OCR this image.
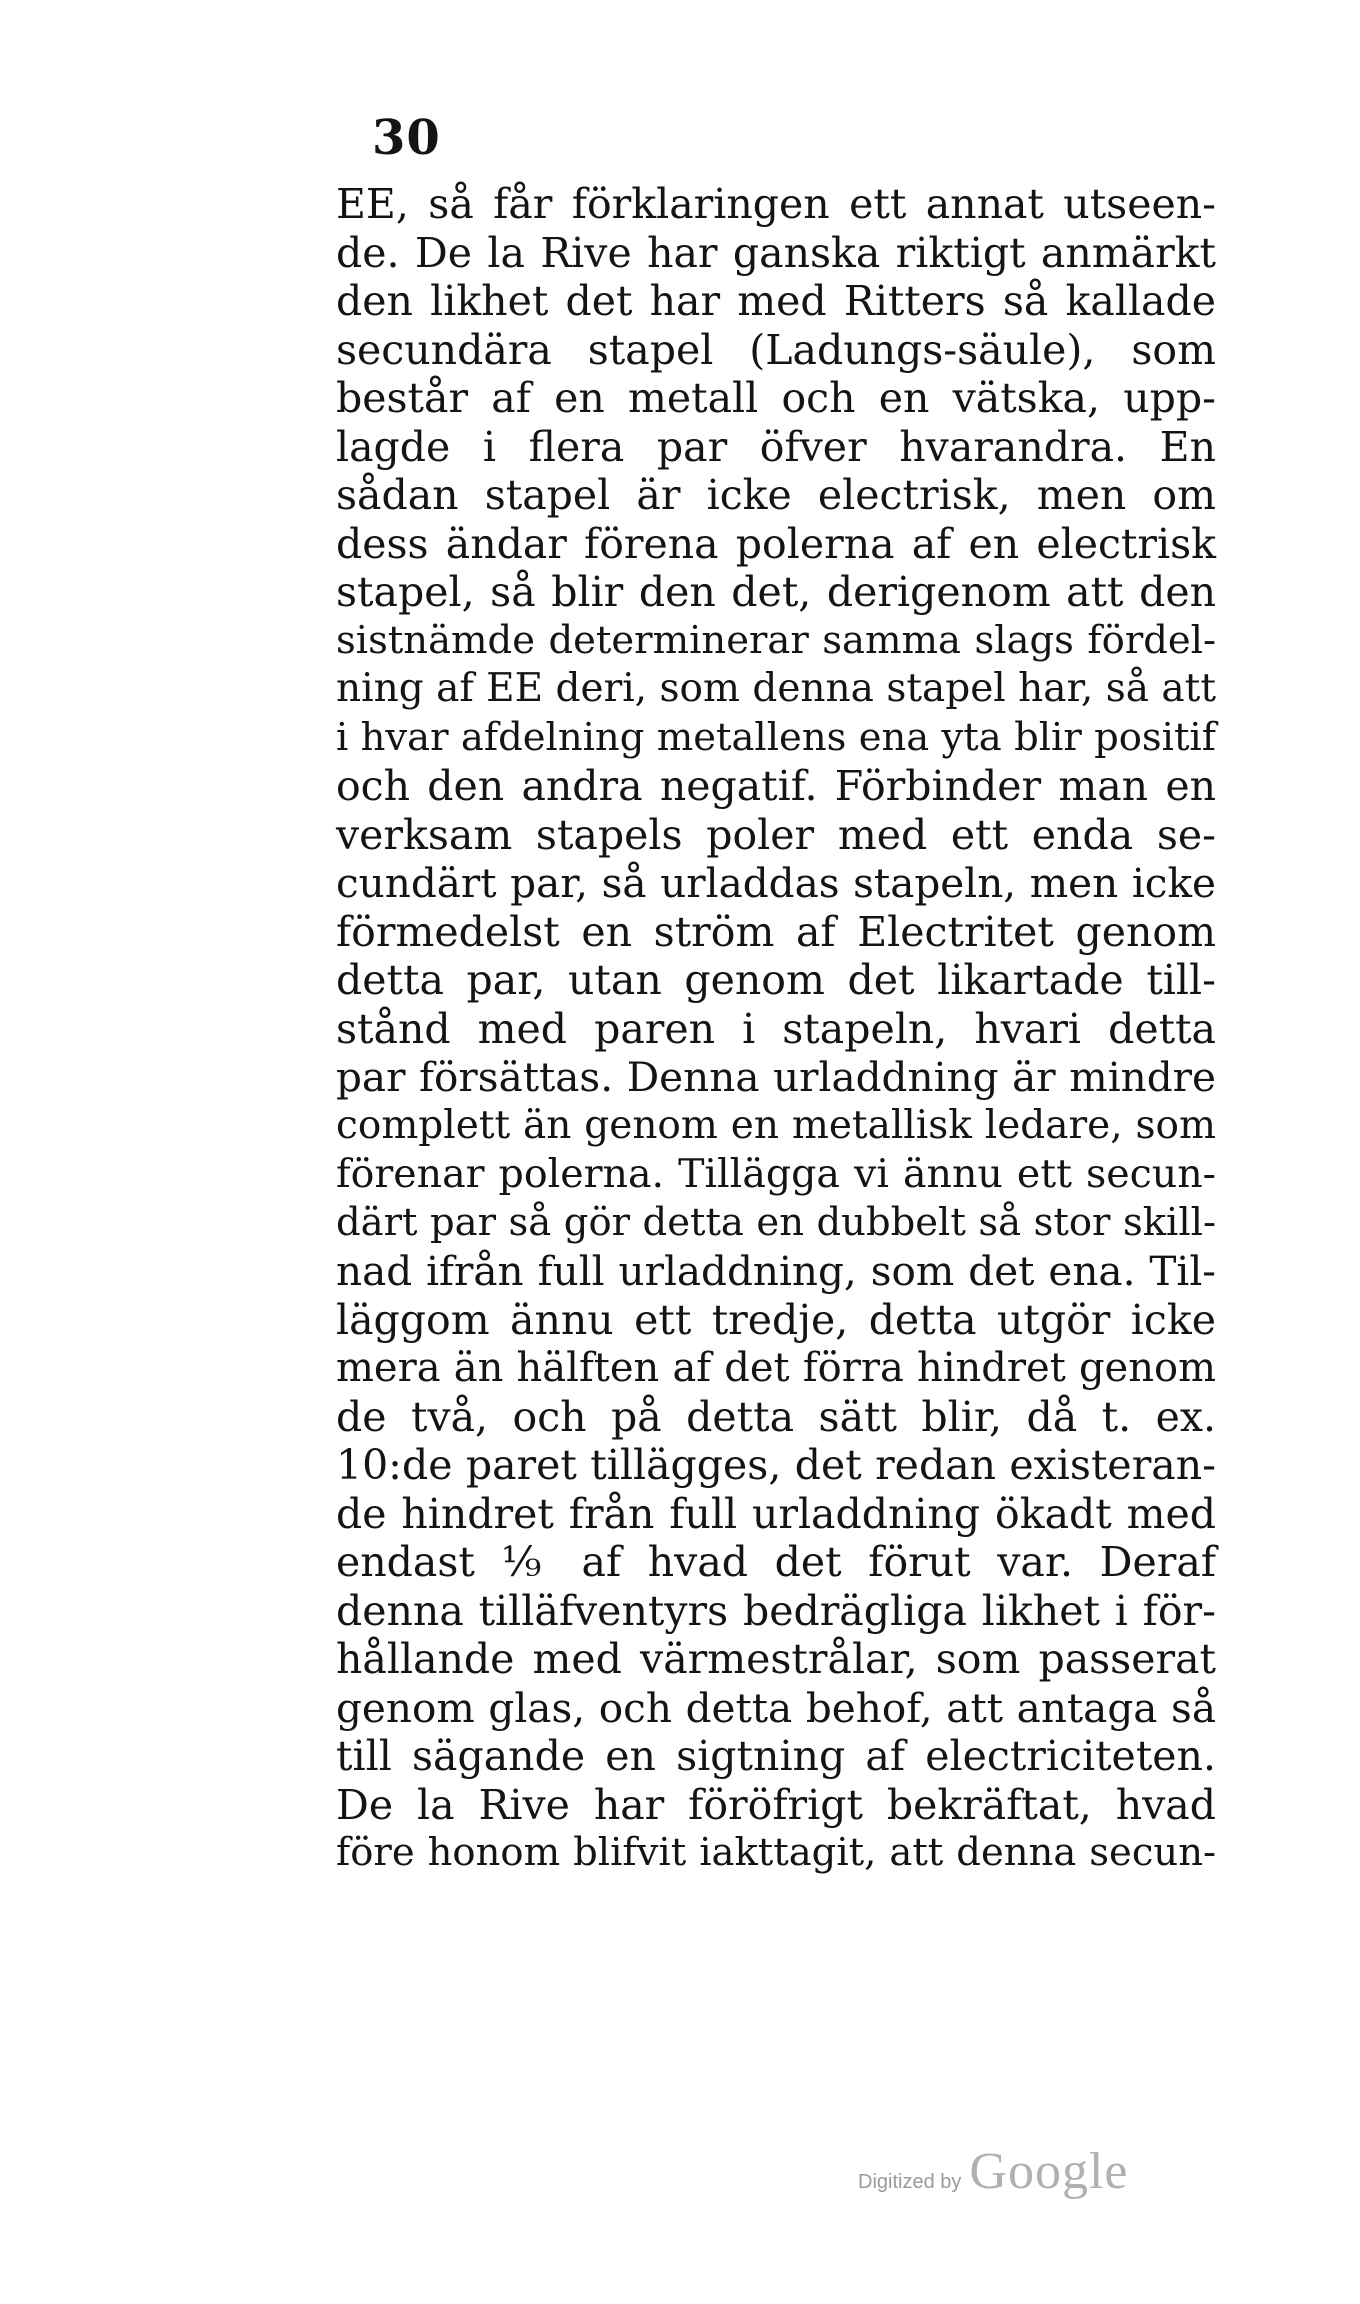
30
EE, så får förklaringen ett annat utseen-
de. De la Rive har ganska riktigt anmärkt
den likhet det har med Ritters så kallade
secundära stapel (Ladungs-säule), som
består af en metall och en vätska, upp-
lagde i flera par öfver hvarandra. En
sådan stapel är icke electrisk, men om
dess ändar förena polerna af en electrisk
stapel, så blir den det, derigenom att den
sistnämde determinerar samma slags fördel-
ning af EE deri, som denna stapel har, så att
i hvar afdelning metallens ena yta blir positif
och den andra negatif. Förbinder man en
verksam stapels poler med ett enda se-
cundärt par, så urladdas stapeln, men icke
förmedelst en ström af Electritet genom
detta par, utan genom det likartade till-
stånd med paren i stapeln, hvari detta
par försättas. Denna urladdning är mindre
complett än genom en metallisk ledare, som
förenar polerna. Tillägga vi ännu ett secun-
därt par så gör detta en dubbelt så stor skill-
nad ifrån full urladdning, som det ena. Til-
läggom ännu ett tredje, detta utgör icke
mera än hälften af det förra hindret genom
de två, och på detta sätt blir, då t. ex.
10:de paret tillägges, det redan existeran-
de hindret från full urladdning ökadt med
endast ⅑ af hvad det förut var. Deraf
denna tilläfventyrs bedrägliga likhet i för-
hållande med värmestrålar, som passerat
genom glas, och detta behof, att antaga så
till sägande en sigtning af electriciteten.
De la Rive har föröfrigt bekräftat, hvad
före honom blifvit iakttagit, att denna secun-
Digitized by Google
